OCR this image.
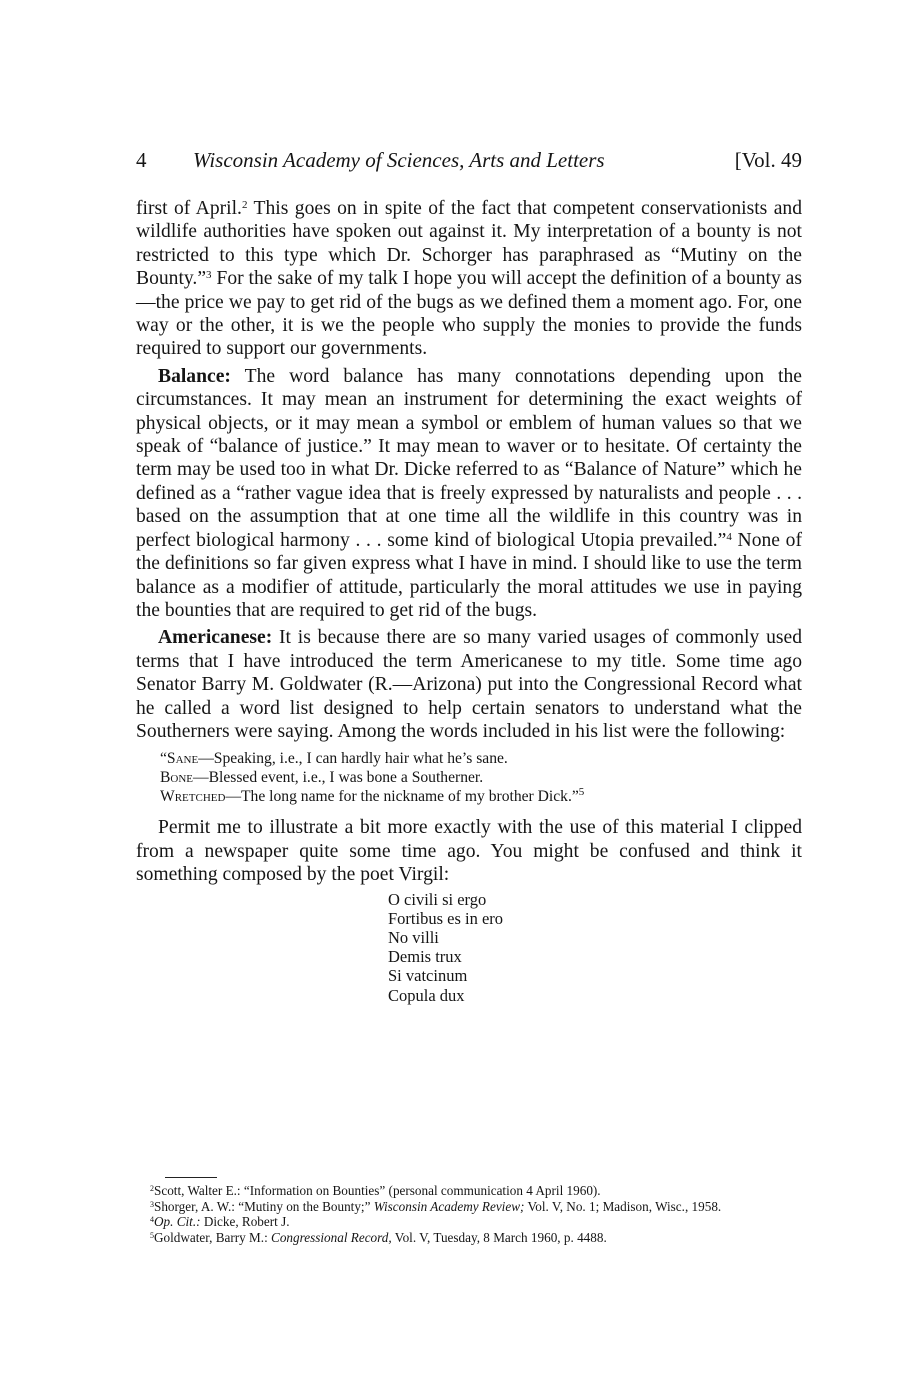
4 Wisconsin Academy of Sciences, Arts and Letters	[Vol. 49

first of April.$^2$ This goes on in spite of the fact that competent conservationists and wildlife authorities have spoken out against it. My interpretation of a bounty is not restricted to this type which Dr. Schorger has paraphrased as “Mutiny on the Bounty.”$^3$ For the sake of my talk I hope you will accept the definition of a bounty as—the price we pay to get rid of the bugs as we defined them a moment ago. For, one way or the other, it is we the people who supply the monies to provide the funds required to support our governments.

Balance: The word balance has many connotations depending upon the circumstances. It may mean an instrument for determining the exact weights of physical objects, or it may mean a symbol or emblem of human values so that we speak of “balance of justice.” It may mean to waver or to hesitate. Of certainty the term may be used too in what Dr. Dicke referred to as “Balance of Nature” which he defined as a “rather vague idea that is freely expressed by naturalists and people . . . based on the assumption that at one time all the wildlife in this country was in perfect biological harmony . . . some kind of biological Utopia prevailed.”$^4$ None of the definitions so far given express what I have in mind. I should like to use the term balance as a modifier of attitude, particularly the moral attitudes we use in paying the bounties that are required to get rid of the bugs.

Americanese: It is because there are so many varied usages of commonly used terms that I have introduced the term Americanese to my title. Some time ago Senator Barry M. Goldwater (R.—Arizona) put into the Congressional Record what he called a word list designed to help certain senators to understand what the Southerners were saying. Among the words included in his list were the following:

“Sane—Speaking, i.e., I can hardly hair what he’s sane.
Bone—Blessed event, i.e., I was bone a Southerner.
Wretched—The long name for the nickname of my brother Dick.”$^5$

Permit me to illustrate a bit more exactly with the use of this material I clipped from a newspaper quite some time ago. You might be confused and think it something composed by the poet Virgil:

O civili si ergo
Fortibus es in ero
No villi
Demis trux
Si vatcinum
Copula dux

$^2$Scott, Walter E.: “Information on Bounties” (personal communication 4 April 1960).

$^3$Shorger, A. W.: “Mutiny on the Bounty;” Wisconsin Academy Review; Vol. V, No. 1; Madison, Wisc., 1958.

$^4$Op. Cit.: Dicke, Robert J.

$^5$Goldwater, Barry M.: Congressional Record, Vol. V, Tuesday, 8 March 1960, p. 4488.
